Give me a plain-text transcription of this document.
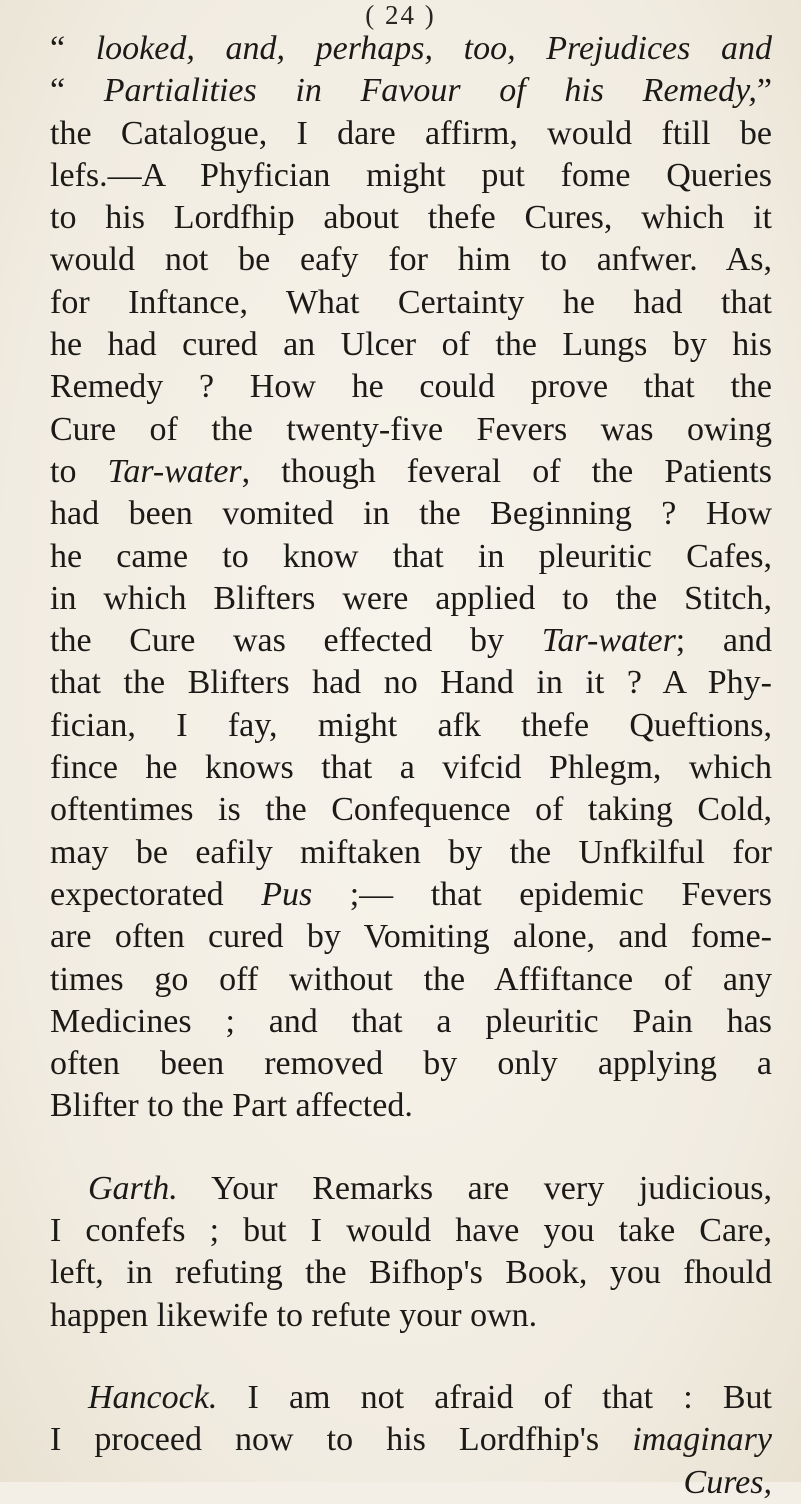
( 24 )
“ looked, and, perhaps, too, Prejudices and
“ Partialities in Favour of his Remedy,”
the Catalogue, I dare affirm, would ftill be
lefs.—A Phyfician might put fome Queries
to his Lordfhip about thefe Cures, which it
would not be eafy for him to anfwer. As,
for Inftance, What Certainty he had that
he had cured an Ulcer of the Lungs by his
Remedy ? How he could prove that the
Cure of the twenty-five Fevers was owing
to Tar-water, though feveral of the Patients
had been vomited in the Beginning ? How
he came to know that in pleuritic Cafes,
in which Blifters were applied to the Stitch,
the Cure was effected by Tar-water; and
that the Blifters had no Hand in it ? A Phy-
fician, I fay, might afk thefe Queftions,
fince he knows that a vifcid Phlegm, which
oftentimes is the Confequence of taking Cold,
may be eafily miftaken by the Unfkilful for
expectorated Pus ;— that epidemic Fevers
are often cured by Vomiting alone, and fome-
times go off without the Affiftance of any
Medicines ; and that a pleuritic Pain has
often been removed by only applying a
Blifter to the Part affected.
Garth. Your Remarks are very judicious,
I confefs ; but I would have you take Care,
left, in refuting the Bifhop's Book, you fhould
happen likewife to refute your own.
Hancock. I am not afraid of that : But
I proceed now to his Lordfhip's imaginary
Cures,
